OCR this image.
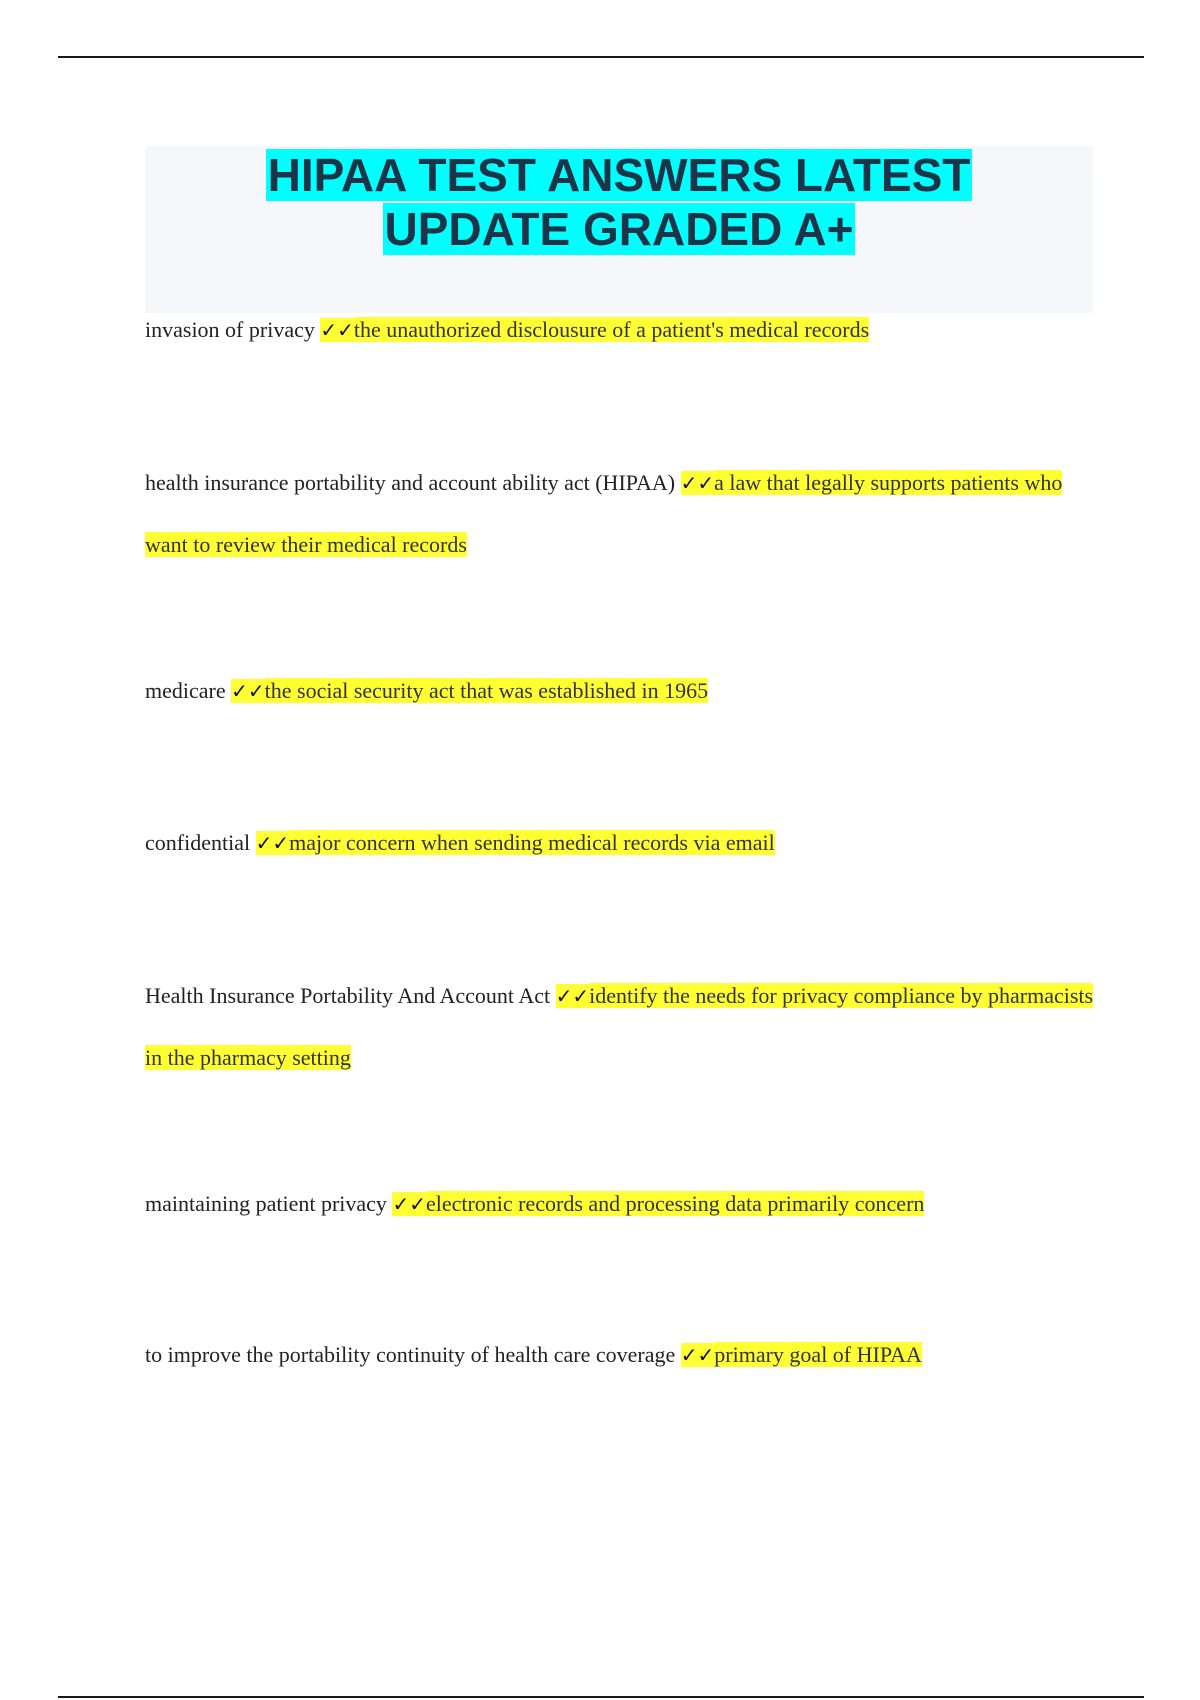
HIPAA TEST ANSWERS LATEST
UPDATE GRADED A+

invasion of privacy ✓✓the unauthorized disclousure of a patient's medical records

health insurance portability and account ability act (HIPAA) ✓✓a law that legally supports patients who want to review their medical records

medicare ✓✓the social security act that was established in 1965

confidential ✓✓major concern when sending medical records via email

Health Insurance Portability And Account Act ✓✓identify the needs for privacy compliance by pharmacists in the pharmacy setting

maintaining patient privacy ✓✓electronic records and processing data primarily concern

to improve the portability continuity of health care coverage ✓✓primary goal of HIPAA
